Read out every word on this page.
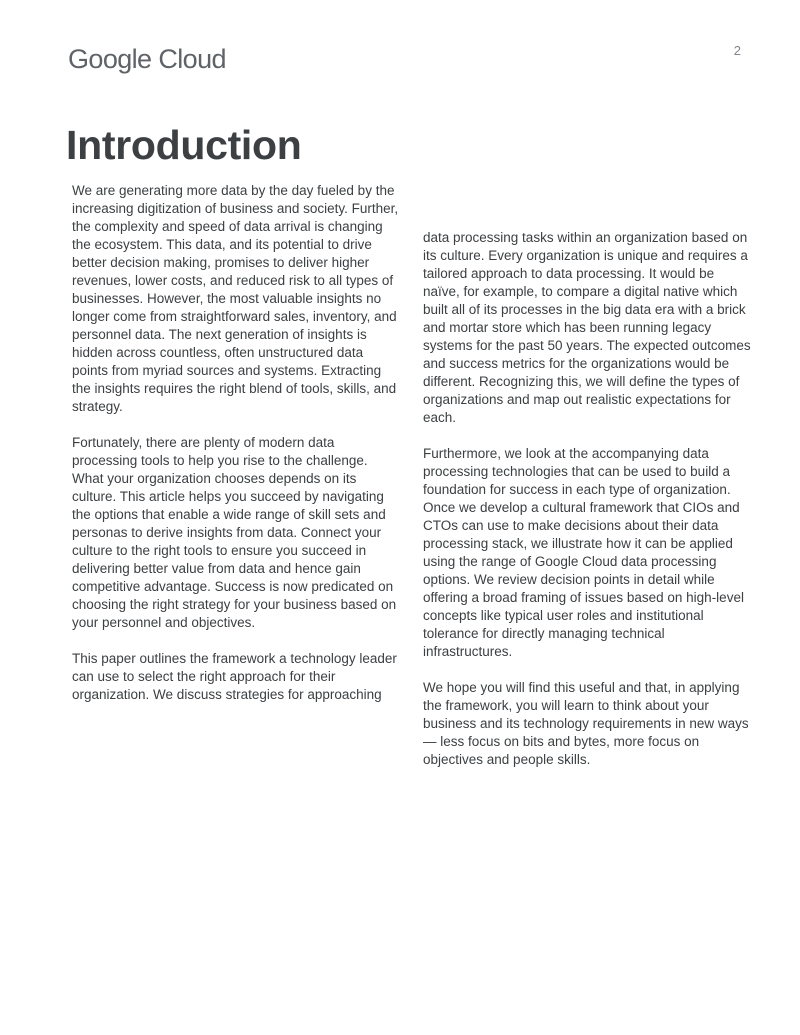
Google Cloud	2
Introduction

We are generating more data by the day fueled by the increasing digitization of business and society. Further, the complexity and speed of data arrival is changing the ecosystem. This data, and its potential to drive better decision making, promises to deliver higher revenues, lower costs, and reduced risk to all types of businesses. However, the most valuable insights no longer come from straightforward sales, inventory, and personnel data. The next generation of insights is hidden across countless, often unstructured data points from myriad sources and systems. Extracting the insights requires the right blend of tools, skills, and strategy.

Fortunately, there are plenty of modern data processing tools to help you rise to the challenge. What your organization chooses depends on its culture. This article helps you succeed by navigating the options that enable a wide range of skill sets and personas to derive insights from data. Connect your culture to the right tools to ensure you succeed in delivering better value from data and hence gain competitive advantage. Success is now predicated on choosing the right strategy for your business based on your personnel and objectives.

This paper outlines the framework a technology leader can use to select the right approach for their organization. We discuss strategies for approaching

data processing tasks within an organization based on its culture. Every organization is unique and requires a tailored approach to data processing. It would be naïve, for example, to compare a digital native which built all of its processes in the big data era with a brick and mortar store which has been running legacy systems for the past 50 years. The expected outcomes and success metrics for the organizations would be different. Recognizing this, we will define the types of organizations and map out realistic expectations for each.

Furthermore, we look at the accompanying data processing technologies that can be used to build a foundation for success in each type of organization. Once we develop a cultural framework that CIOs and CTOs can use to make decisions about their data processing stack, we illustrate how it can be applied using the range of Google Cloud data processing options. We review decision points in detail while offering a broad framing of issues based on high-level concepts like typical user roles and institutional tolerance for directly managing technical infrastructures.

We hope you will find this useful and that, in applying the framework, you will learn to think about your business and its technology requirements in new ways — less focus on bits and bytes, more focus on objectives and people skills.
